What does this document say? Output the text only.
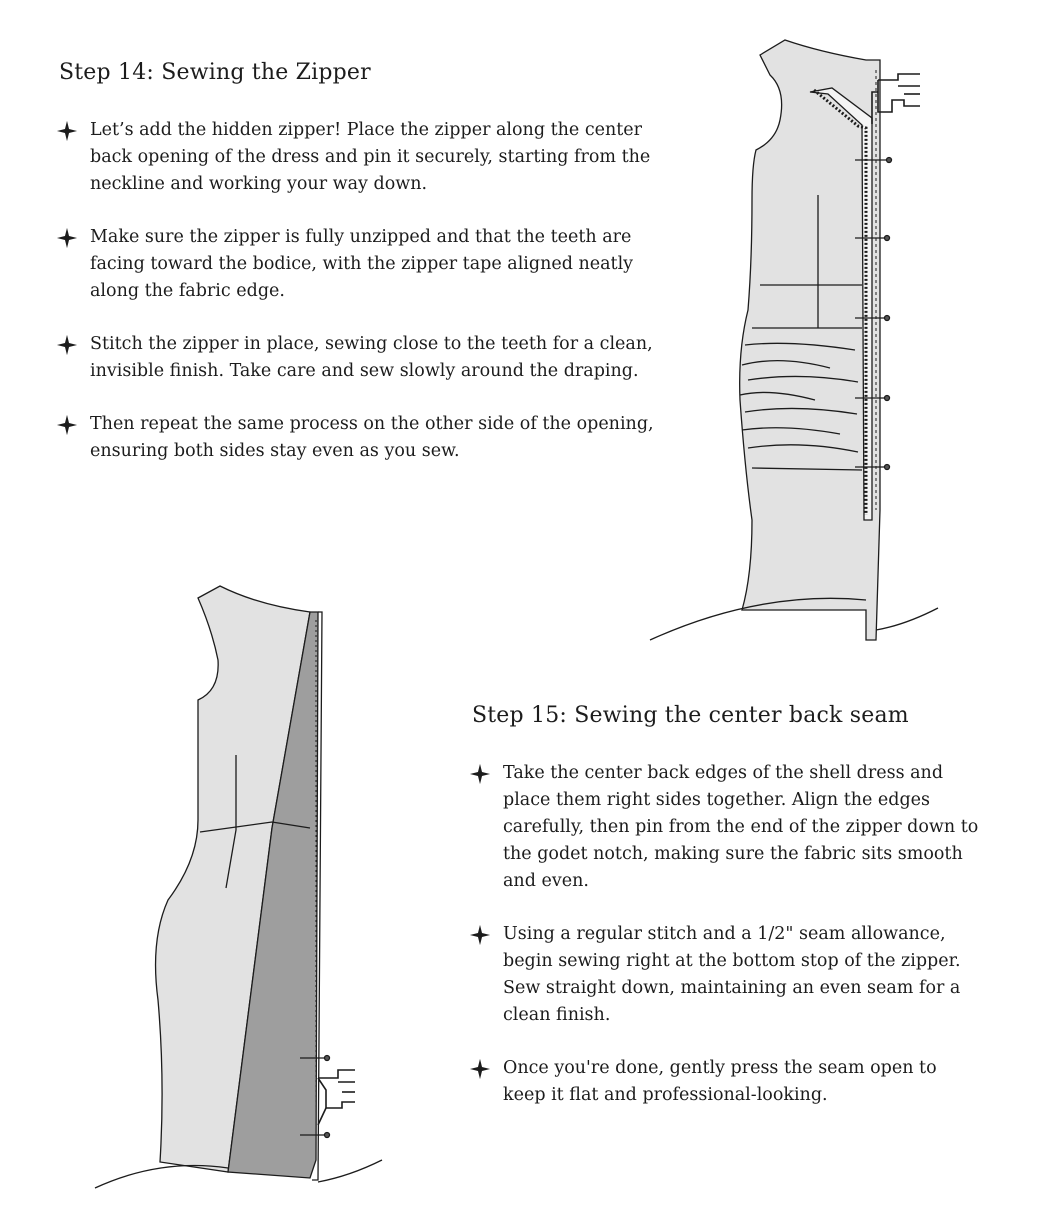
Step 14: Sewing the Zipper
Let’s add the hidden zipper! Place the zipper along the center back opening of the dress and pin it securely, starting from the neckline and working your way down.
Make sure the zipper is fully unzipped and that the teeth are facing toward the bodice, with the zipper tape aligned neatly along the fabric edge.
Stitch the zipper in place, sewing close to the teeth for a clean, invisible finish. Take care and sew slowly around the draping.
Then repeat the same process on the other side of the opening, ensuring both sides stay even as you sew.
Step 15: Sewing the center back seam
Take the center back edges of the shell dress and place them right sides together. Align the edges carefully, then pin from the end of the zipper down to the godet notch, making sure the fabric sits smooth and even.
Using a regular stitch and a 1/2" seam allowance, begin sewing right at the bottom stop of the zipper. Sew straight down, maintaining an even seam for a clean finish.
Once you're done, gently press the seam open to keep it flat and professional-looking.
